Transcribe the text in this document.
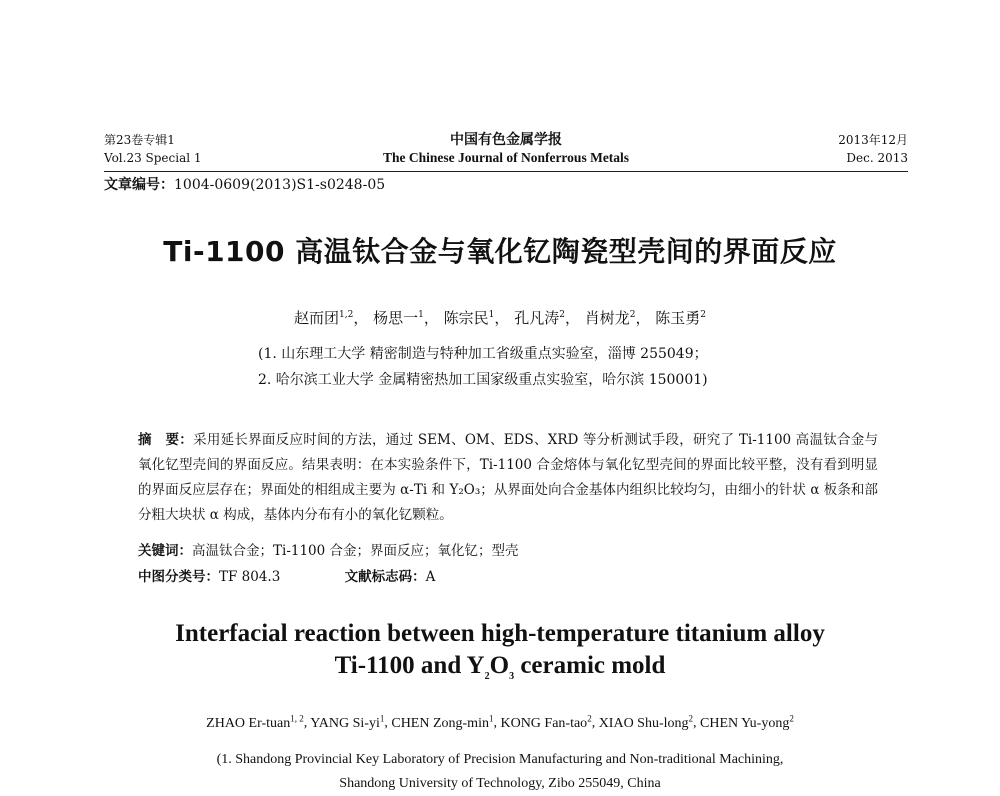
第23卷专辑1
Vol.23 Special 1
中国有色金属学报
The Chinese Journal of Nonferrous Metals
2013年12月
Dec. 2013
文章编号：1004-0609(2013)S1-s0248-05
Ti-1100 高温钛合金与氧化钇陶瓷型壳间的界面反应
赵而团$^{1,2}$， 杨思一$^1$， 陈宗民$^1$， 孔凡涛$^2$， 肖树龙$^2$， 陈玉勇$^2$
(1. 山东理工大学 精密制造与特种加工省级重点实验室，淄博 255049；
2. 哈尔滨工业大学 金属精密热加工国家级重点实验室，哈尔滨 150001)
摘　要：采用延长界面反应时间的方法，通过 SEM、OM、EDS、XRD 等分析测试手段，研究了 Ti-1100 高温钛合金与氧化钇型壳间的界面反应。结果表明：在本实验条件下，Ti-1100 合金熔体与氧化钇型壳间的界面比较平整，没有看到明显的界面反应层存在；界面处的相组成主要为 α-Ti 和 Y₂O₃；从界面处向合金基体内组织比较均匀，由细小的针状 α 板条和部分粗大块状 α 构成，基体内分布有小的氧化钇颗粒。
关键词：高温钛合金；Ti-1100 合金；界面反应；氧化钇；型壳
中图分类号：TF 804.3	文献标志码：A
Interfacial reaction between high-temperature titanium alloy
Ti-1100 and $Y_2O_3$ ceramic mold
ZHAO Er-tuan$^{1, 2}$, YANG $Si-yi^1$, CHEN Zong-$\min^1$, KONG Fan-tao$^2$, XIAO Shu-long$^2$, CHEN Yu-yong$^2$
(1. Shandong Provincial Key Laboratory of Precision Manufacturing and Non-traditional Machining,
Shandong University of Technology, Zibo 255049, China
